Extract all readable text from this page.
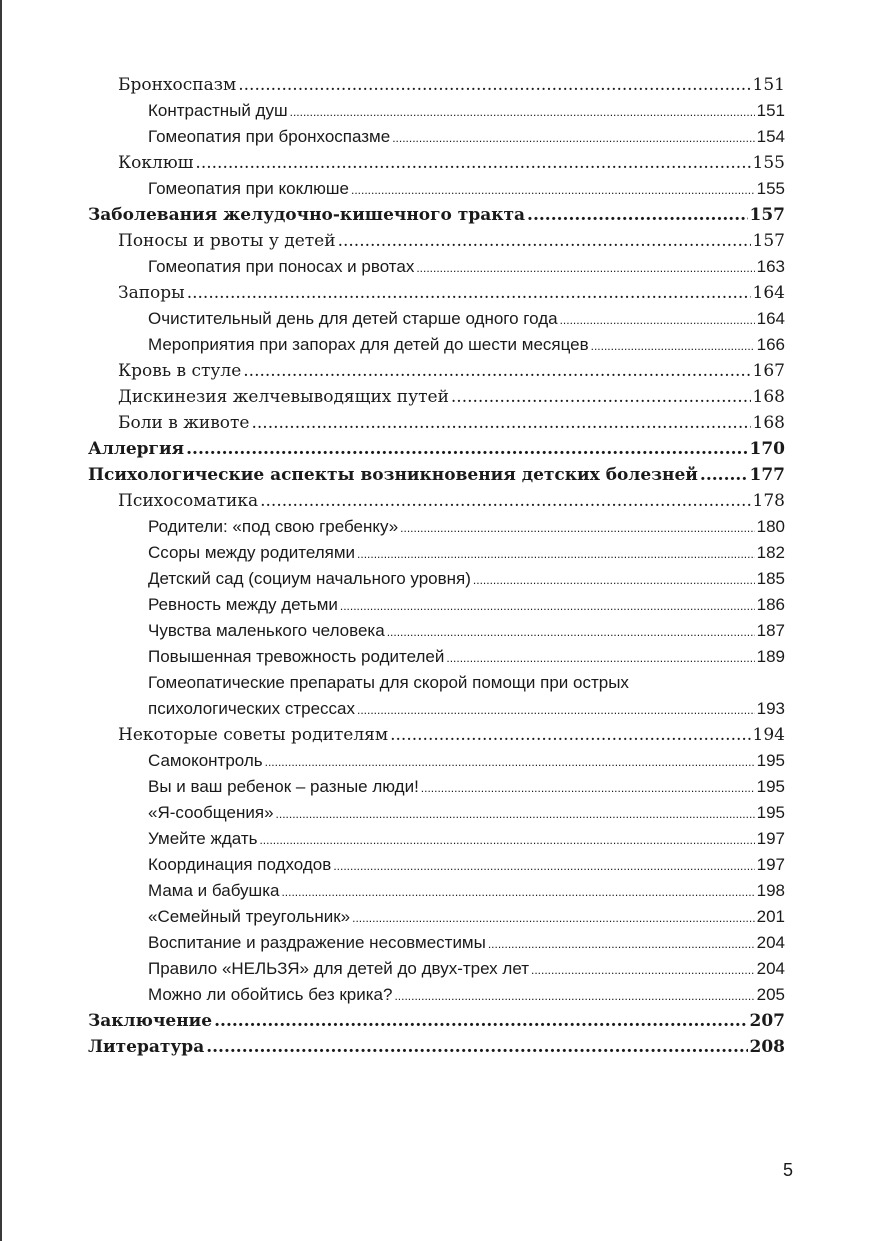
Бронхоспазм .....	151
Контрастный душ .....	151
Гомеопатия при бронхоспазме .....	154
Коклюш .....	155
Гомеопатия при коклюше .....	155
Заболевания желудочно-кишечного тракта .....	157
Поносы и рвоты у детей .....	157
Гомеопатия при поносах и рвотах .....	163
Запоры .....	164
Очистительный день для детей старше одного года .....	164
Мероприятия при запорах для детей до шести месяцев .....	166
Кровь в стуле .....	167
Дискинезия желчевыводящих путей .....	168
Боли в животе .....	168
Аллергия .....	170
Психологические аспекты возникновения детских болезней .....	177
Психосоматика .....	178
Родители: «под свою гребенку» .....	180
Ссоры между родителями .....	182
Детский сад (социум начального уровня) .....	185
Ревность между детьми .....	186
Чувства маленького человека .....	187
Повышенная тревожность родителей .....	189
Гомеопатические препараты для скорой помощи при острых
психологических стрессах .....	193
Некоторые советы родителям .....	194
Самоконтроль .....	195
Вы и ваш ребенок – разные люди! .....	195
«Я-сообщения» .....	195
Умейте ждать .....	197
Координация подходов .....	197
Мама и бабушка .....	198
«Семейный треугольник» .....	201
Воспитание и раздражение несовместимы .....	204
Правило «НЕЛЬЗЯ» для детей до двух-трех лет .....	204
Можно ли обойтись без крика? .....	205
Заключение .....	207
Литература .....	208
5
